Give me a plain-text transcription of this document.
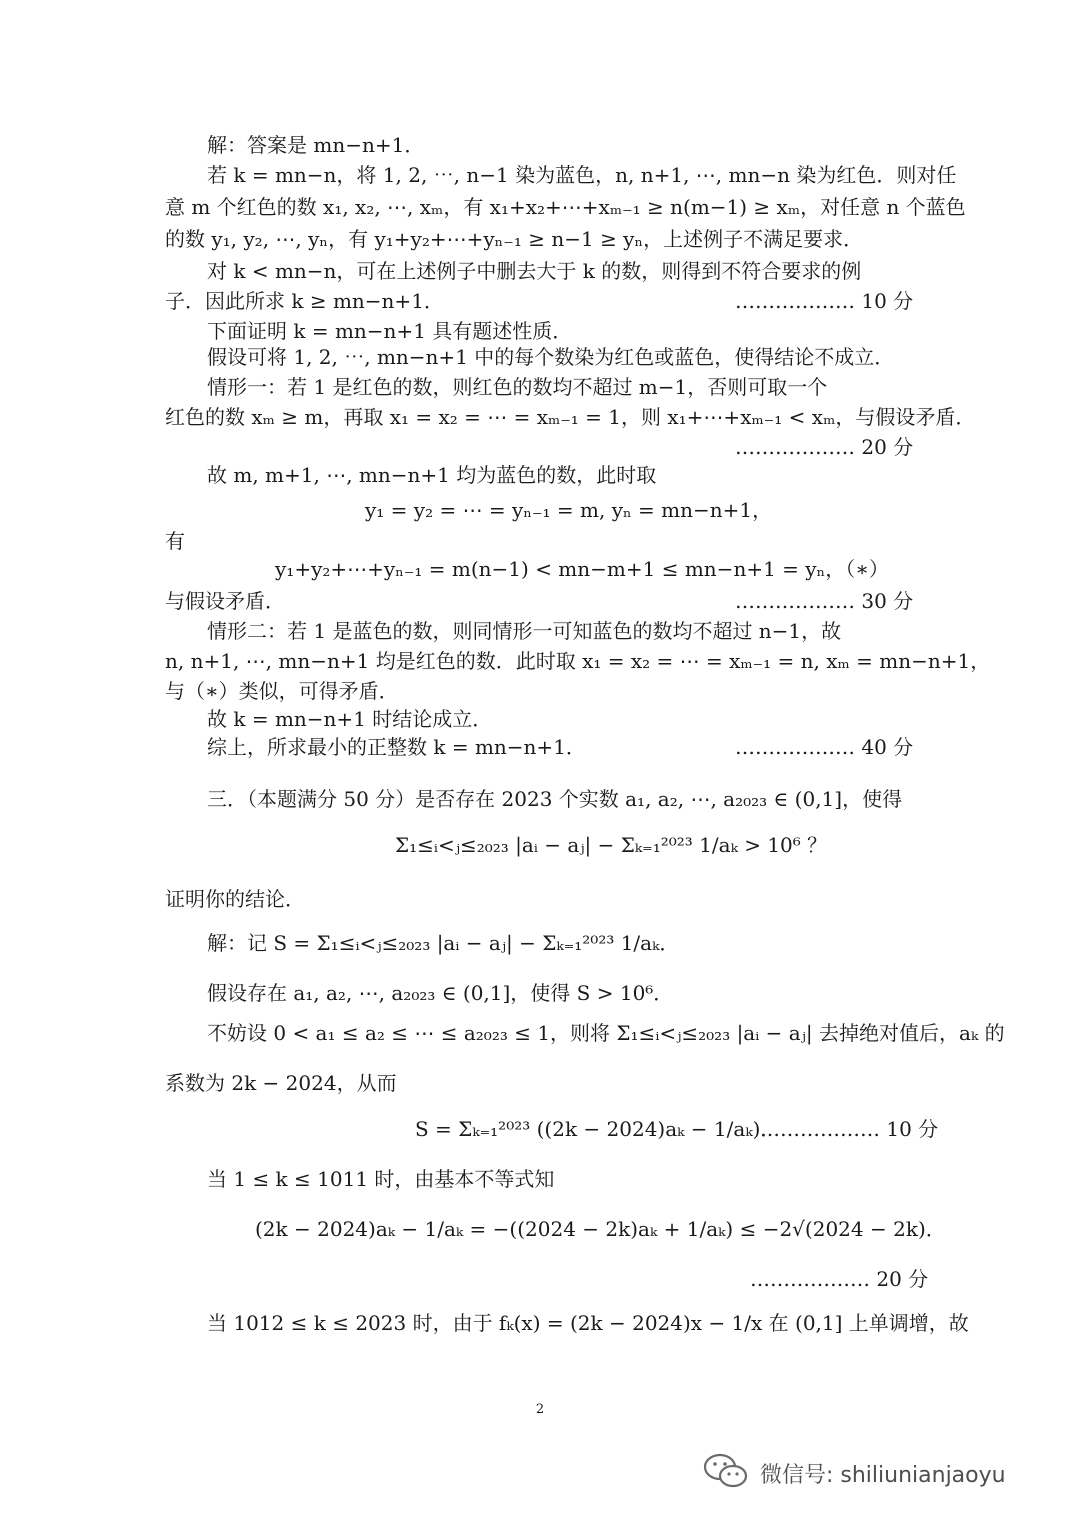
解：答案是 mn−n+1．
若 k = mn−n，将 1, 2, ⋯, n−1 染为蓝色，n, n+1, ⋯, mn−n 染为红色．则对任
意 m 个红色的数 x₁, x₂, ⋯, xₘ，有 x₁+x₂+⋯+xₘ₋₁ ≥ n(m−1) ≥ xₘ，对任意 n 个蓝色
的数 y₁, y₂, ⋯, yₙ，有 y₁+y₂+⋯+yₙ₋₁ ≥ n−1 ≥ yₙ，上述例子不满足要求．
对 k < mn−n，可在上述例子中删去大于 k 的数，则得到不符合要求的例
子．因此所求 k ≥ mn−n+1．	……………… 10 分
下面证明 k = mn−n+1 具有题述性质．
假设可将 1, 2, ⋯, mn−n+1 中的每个数染为红色或蓝色，使得结论不成立．
情形一：若 1 是红色的数，则红色的数均不超过 m−1，否则可取一个
红色的数 xₘ ≥ m，再取 x₁ = x₂ = ⋯ = xₘ₋₁ = 1，则 x₁+⋯+xₘ₋₁ < xₘ，与假设矛盾．
……………… 20 分
故 m, m+1, ⋯, mn−n+1 均为蓝色的数，此时取
y₁ = y₂ = ⋯ = yₙ₋₁ = m, yₙ = mn−n+1，
有
y₁+y₂+⋯+yₙ₋₁ = m(n−1) < mn−m+1 ≤ mn−n+1 = yₙ，（∗）
与假设矛盾．	……………… 30 分
情形二：若 1 是蓝色的数，则同情形一可知蓝色的数均不超过 n−1，故
n, n+1, ⋯, mn−n+1 均是红色的数．此时取 x₁ = x₂ = ⋯ = xₘ₋₁ = n, xₘ = mn−n+1，
与（∗）类似，可得矛盾．
故 k = mn−n+1 时结论成立．
综上，所求最小的正整数 k = mn−n+1．	……………… 40 分
三．（本题满分 50 分）是否存在 2023 个实数 a₁, a₂, ⋯, a₂₀₂₃ ∈ (0,1]，使得
Σ₁≤ᵢ<ⱼ≤₂₀₂₃ |aᵢ − aⱼ| − Σₖ₌₁²⁰²³ 1/aₖ > 10⁶ ？
证明你的结论．
解：记 S = Σ₁≤ᵢ<ⱼ≤₂₀₂₃ |aᵢ − aⱼ| − Σₖ₌₁²⁰²³ 1/aₖ．
假设存在 a₁, a₂, ⋯, a₂₀₂₃ ∈ (0,1]，使得 S > 10⁶．
不妨设 0 < a₁ ≤ a₂ ≤ ⋯ ≤ a₂₀₂₃ ≤ 1，则将 Σ₁≤ᵢ<ⱼ≤₂₀₂₃ |aᵢ − aⱼ| 去掉绝对值后，aₖ 的
系数为 2k − 2024，从而
S = Σₖ₌₁²⁰²³ ((2k − 2024)aₖ − 1/aₖ)．
……………… 10 分
当 1 ≤ k ≤ 1011 时，由基本不等式知
(2k − 2024)aₖ − 1/aₖ = −((2024 − 2k)aₖ + 1/aₖ) ≤ −2√(2024 − 2k)．
……………… 20 分
当 1012 ≤ k ≤ 2023 时，由于 fₖ(x) = (2k − 2024)x − 1/x 在 (0,1] 上单调增，故
2
微信号: shiliunianjaoyu
